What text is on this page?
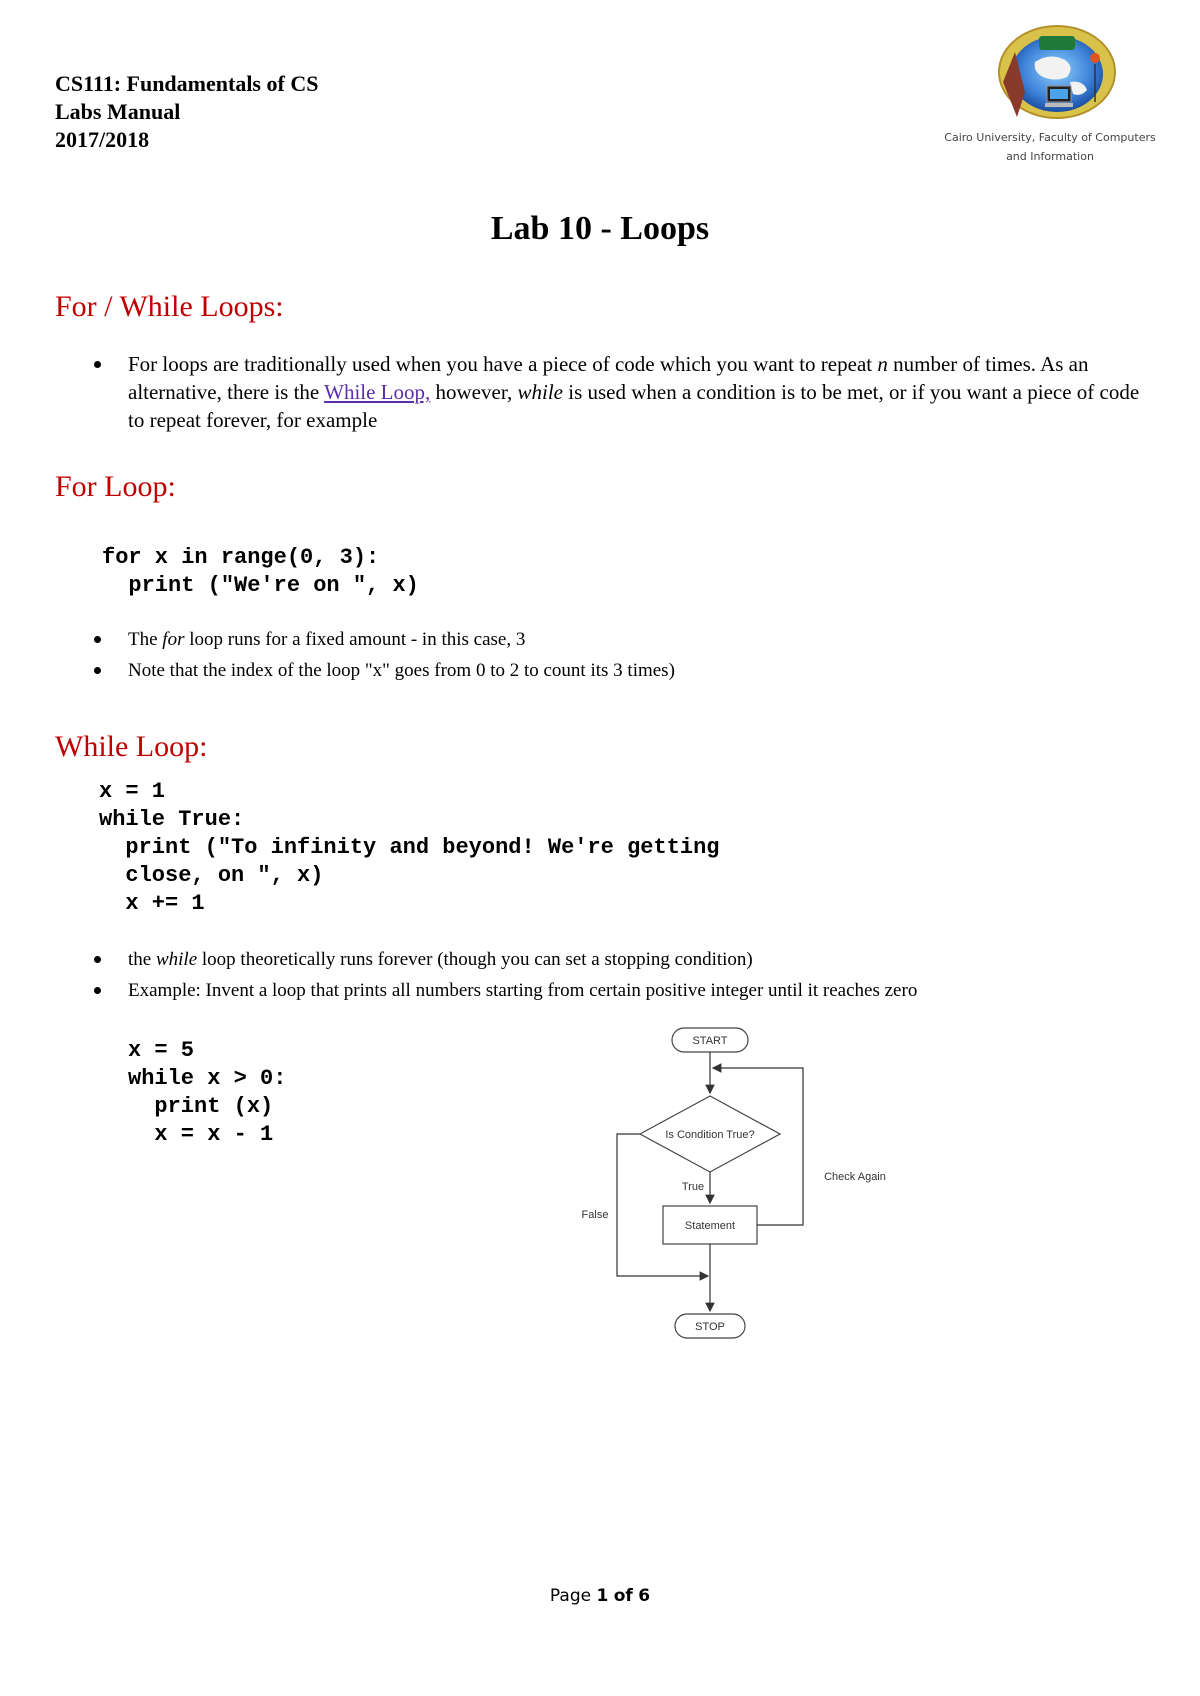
CS111: Fundamentals of CS
Labs Manual
2017/2018	Cairo University, Faculty of Computers
and Information
Lab 10 - Loops
For / While Loops:
For loops are traditionally used when you have a piece of code which you want to repeat n number of times. As an alternative, there is the While Loop, however, while is used when a condition is to be met, or if you want a piece of code to repeat forever, for example
For Loop:
for x in range(0, 3):
print ("We're on ", x)
The for loop runs for a fixed amount - in this case, 3
Note that the index of the loop "x" goes from 0 to 2 to count its 3 times)
While Loop:
x = 1
while True:
print ("To infinity and beyond! We're getting
close, on ", x)
x += 1
the while loop theoretically runs forever (though you can set a stopping condition)
Example: Invent a loop that prints all numbers starting from certain positive integer until it reaches zero
x = 5
while x > 0:
print (x)
x = x - 1
START
Is Condition True?
True
Statement
Check Again
False
STOP
Page 1 of 6
